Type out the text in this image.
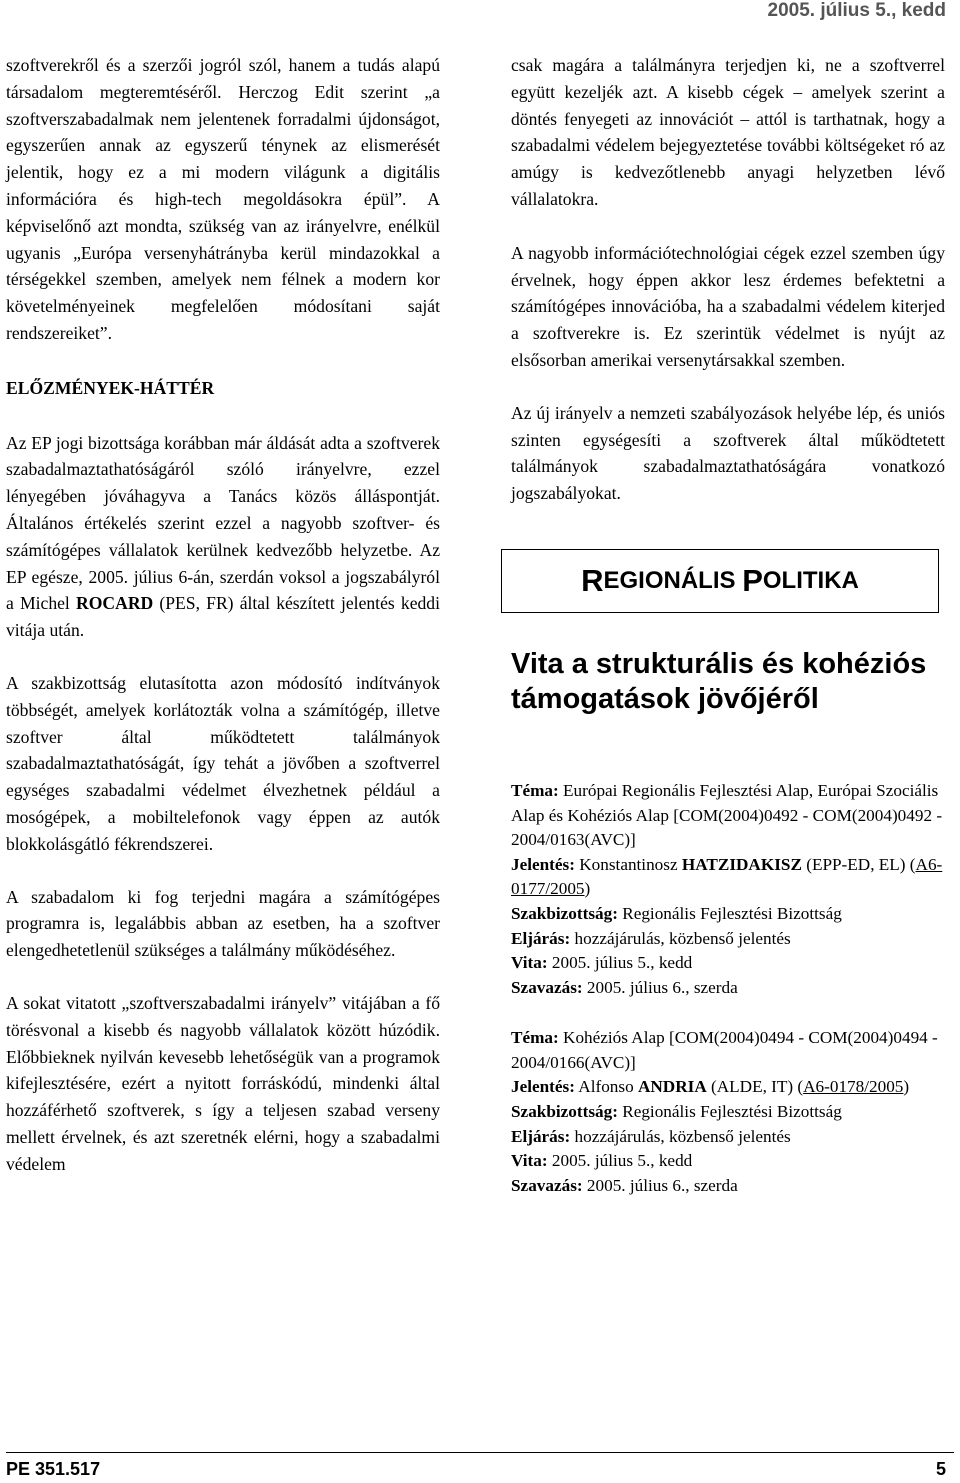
2005. július 5., kedd

szoftverekről és a szerzői jogról szól, hanem a tudás alapú társadalom megteremtéséről. Herczog Edit szerint „a szoftverszabadalmak nem jelentenek forradalmi újdonságot, egyszerűen annak az egyszerű ténynek az elismerését jelentik, hogy ez a mi modern világunk a digitális információra és high-tech megoldásokra épül”. A képviselőnő azt mondta, szükség van az irányelvre, enélkül ugyanis „Európa versenyhátrányba kerül mindazokkal a térségekkel szemben, amelyek nem félnek a modern kor követelményeinek megfelelően módosítani saját rendszereiket”.

ELŐZMÉNYEK-HÁTTÉR

Az EP jogi bizottsága korábban már áldását adta a szoftverek szabadalmaztathatóságáról szóló irányelvre, ezzel lényegében jóváhagyva a Tanács közös álláspontját. Általános értékelés szerint ezzel a nagyobb szoftver- és számítógépes vállalatok kerülnek kedvezőbb helyzetbe. Az EP egésze, 2005. július 6-án, szerdán voksol a jogszabályról a Michel ROCARD (PES, FR) által készített jelentés keddi vitája után.

A szakbizottság elutasította azon módosító indítványok többségét, amelyek korlátozták volna a számítógép, illetve szoftver által működtetett találmányok szabadalmaztathatóságát, így tehát a jövőben a szoftverrel egységes szabadalmi védelmet élvezhetnek például a mosógépek, a mobiltelefonok vagy éppen az autók blokkolásgátló fékrendszerei.

A szabadalom ki fog terjedni magára a számítógépes programra is, legalábbis abban az esetben, ha a szoftver elengedhetetlenül szükséges a találmány működéséhez.

A sokat vitatott „szoftverszabadalmi irányelv” vitájában a fő törésvonal a kisebb és nagyobb vállalatok között húzódik. Előbbieknek nyilván kevesebb lehetőségük van a programok kifejlesztésére, ezért a nyitott forráskódú, mindenki által hozzáférhető szoftverek, s így a teljesen szabad verseny mellett érvelnek, és azt szeretnék elérni, hogy a szabadalmi védelem

csak magára a találmányra terjedjen ki, ne a szoftverrel együtt kezeljék azt. A kisebb cégek – amelyek szerint a döntés fenyegeti az innovációt – attól is tarthatnak, hogy a szabadalmi védelem bejegyeztetése további költségeket ró az amúgy is kedvezőtlenebb anyagi helyzetben lévő vállalatokra.

A nagyobb információtechnológiai cégek ezzel szemben úgy érvelnek, hogy éppen akkor lesz érdemes befektetni a számítógépes innovációba, ha a szabadalmi védelem kiterjed a szoftverekre is. Ez szerintük védelmet is nyújt az elsősorban amerikai versenytársakkal szemben.

Az új irányelv a nemzeti szabályozások helyébe lép, és uniós szinten egységesíti a szoftverek által működtetett találmányok szabadalmaztathatóságára vonatkozó jogszabályokat.

R EGIONÁLIS P OLITIKA

Vita a strukturális és kohéziós támogatások jövőjéről

Téma: Európai Regionális Fejlesztési Alap, Európai Szociális Alap és Kohéziós Alap [COM(2004)0492 - COM(2004)0492 - 2004/0163(AVC)]
Jelentés: Konstantinosz HATZIDAKISZ (EPP-ED, EL) (A6-0177/2005)
Szakbizottság: Regionális Fejlesztési Bizottság
Eljárás: hozzájárulás, közbenső jelentés
Vita: 2005. július 5., kedd
Szavazás: 2005. július 6., szerda
Téma: Kohéziós Alap [COM(2004)0494 - COM(2004)0494 - 2004/0166(AVC)]
Jelentés: Alfonso ANDRIA (ALDE, IT) (A6-0178/2005)
Szakbizottság: Regionális Fejlesztési Bizottság
Eljárás: hozzájárulás, közbenső jelentés
Vita: 2005. július 5., kedd
Szavazás: 2005. július 6., szerda
PE 351.517	5
